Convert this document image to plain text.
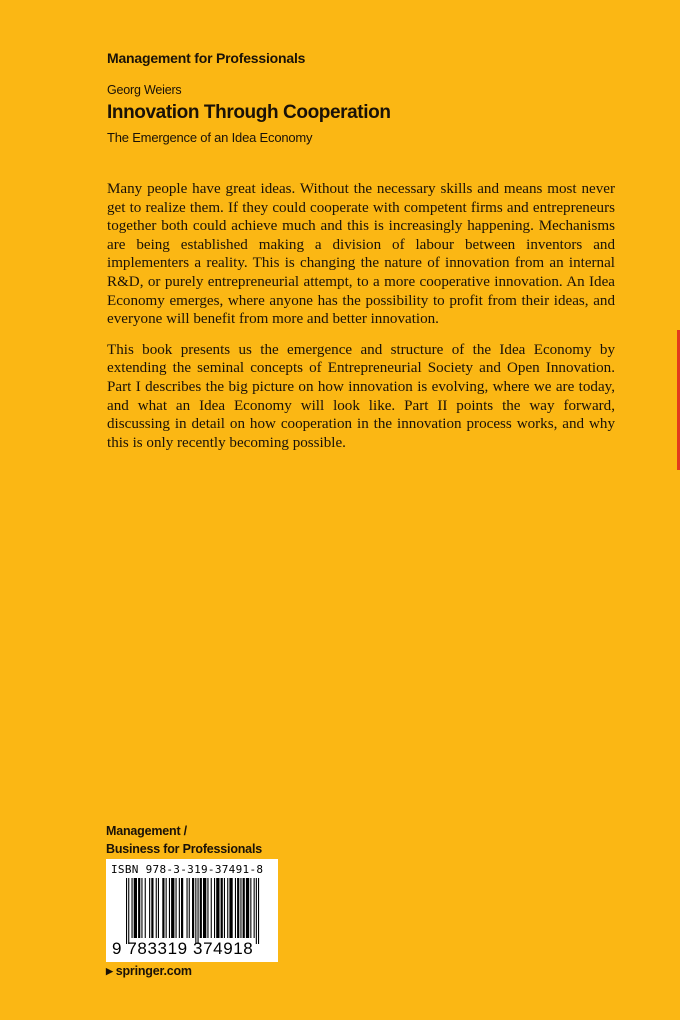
Management for Professionals
Georg Weiers
Innovation Through Cooperation
The Emergence of an Idea Economy

Many people have great ideas. Without the necessary skills and means most never get to realize them. If they could cooperate with competent firms and entrepreneurs together both could achieve much and this is increasingly happening. Mechanisms are being established making a division of labour between inventors and implementers a reality. This is changing the nature of innovation from an internal R&D, or purely entrepreneurial attempt, to a more cooperative innovation. An Idea Economy emerges, where anyone has the possibility to profit from their ideas, and everyone will benefit from more and better innovation.

This book presents us the emergence and structure of the Idea Economy by extending the seminal concepts of Entrepreneurial Society and Open Innovation. Part I describes the big picture on how innovation is evolving, where we are today, and what an Idea Economy will look like. Part II points the way forward, discussing in detail on how cooperation in the innovation process works, and why this is only recently becoming possible.

Management /
Business for Professionals
ISBN 978-3-319-37491-8
9 783319 374918
▶ springer.com
